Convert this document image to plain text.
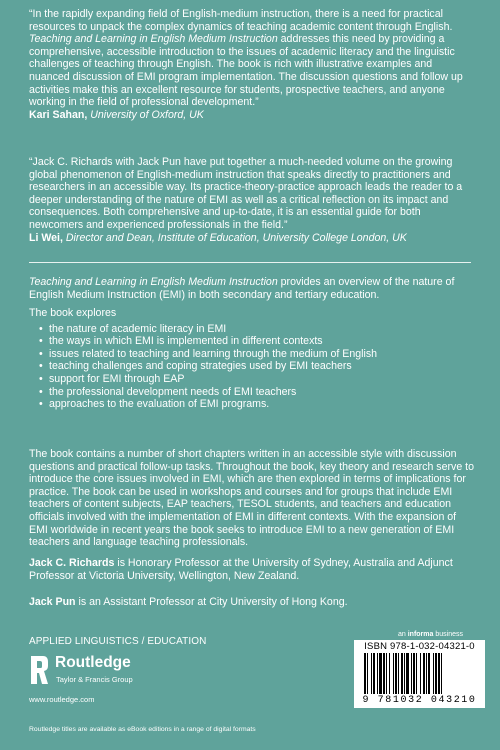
“In the rapidly expanding field of English-medium instruction, there is a need for practical resources to unpack the complex dynamics of teaching academic content through English. Teaching and Learning in English Medium Instruction addresses this need by providing a comprehensive, accessible introduction to the issues of academic literacy and the linguistic challenges of teaching through English. The book is rich with illustrative examples and nuanced discussion of EMI program implementation. The discussion questions and follow up activities make this an excellent resource for students, prospective teachers, and anyone working in the field of professional development.”

Kari Sahan, University of Oxford, UK

“Jack C. Richards with Jack Pun have put together a much-needed volume on the growing global phenomenon of English-medium instruction that speaks directly to practitioners and researchers in an accessible way. Its practice-theory-practice approach leads the reader to a deeper understanding of the nature of EMI as well as a critical reflection on its impact and consequences. Both comprehensive and up-to-date, it is an essential guide for both newcomers and experienced professionals in the field.”

Li Wei, Director and Dean, Institute of Education, University College London, UK

Teaching and Learning in English Medium Instruction provides an overview of the nature of English Medium Instruction (EMI) in both secondary and tertiary education.

The book explores

• the nature of academic literacy in EMI
• the ways in which EMI is implemented in different contexts
• issues related to teaching and learning through the medium of English
• teaching challenges and coping strategies used by EMI teachers
• support for EMI through EAP
• the professional development needs of EMI teachers
• approaches to the evaluation of EMI programs.

The book contains a number of short chapters written in an accessible style with discussion questions and practical follow-up tasks. Throughout the book, key theory and research serve to introduce the core issues involved in EMI, which are then explored in terms of implications for practice. The book can be used in workshops and courses and for groups that include EMI teachers of content subjects, EAP teachers, TESOL students, and teachers and education officials involved with the implementation of EMI in different contexts. With the expansion of EMI worldwide in recent years the book seeks to introduce EMI to a new generation of EMI teachers and language teaching professionals.

Jack C. Richards is Honorary Professor at the University of Sydney, Australia and Adjunct Professor at Victoria University, Wellington, New Zealand.

Jack Pun is an Assistant Professor at City University of Hong Kong.

APPLIED LINGUISTICS / EDUCATION
an informa business
Routledge
Taylor & Francis Group
www.routledge.com
Routledge titles are available as eBook editions in a range of digital formats
ISBN 978-1-032-04321-0
9 781032 043210
